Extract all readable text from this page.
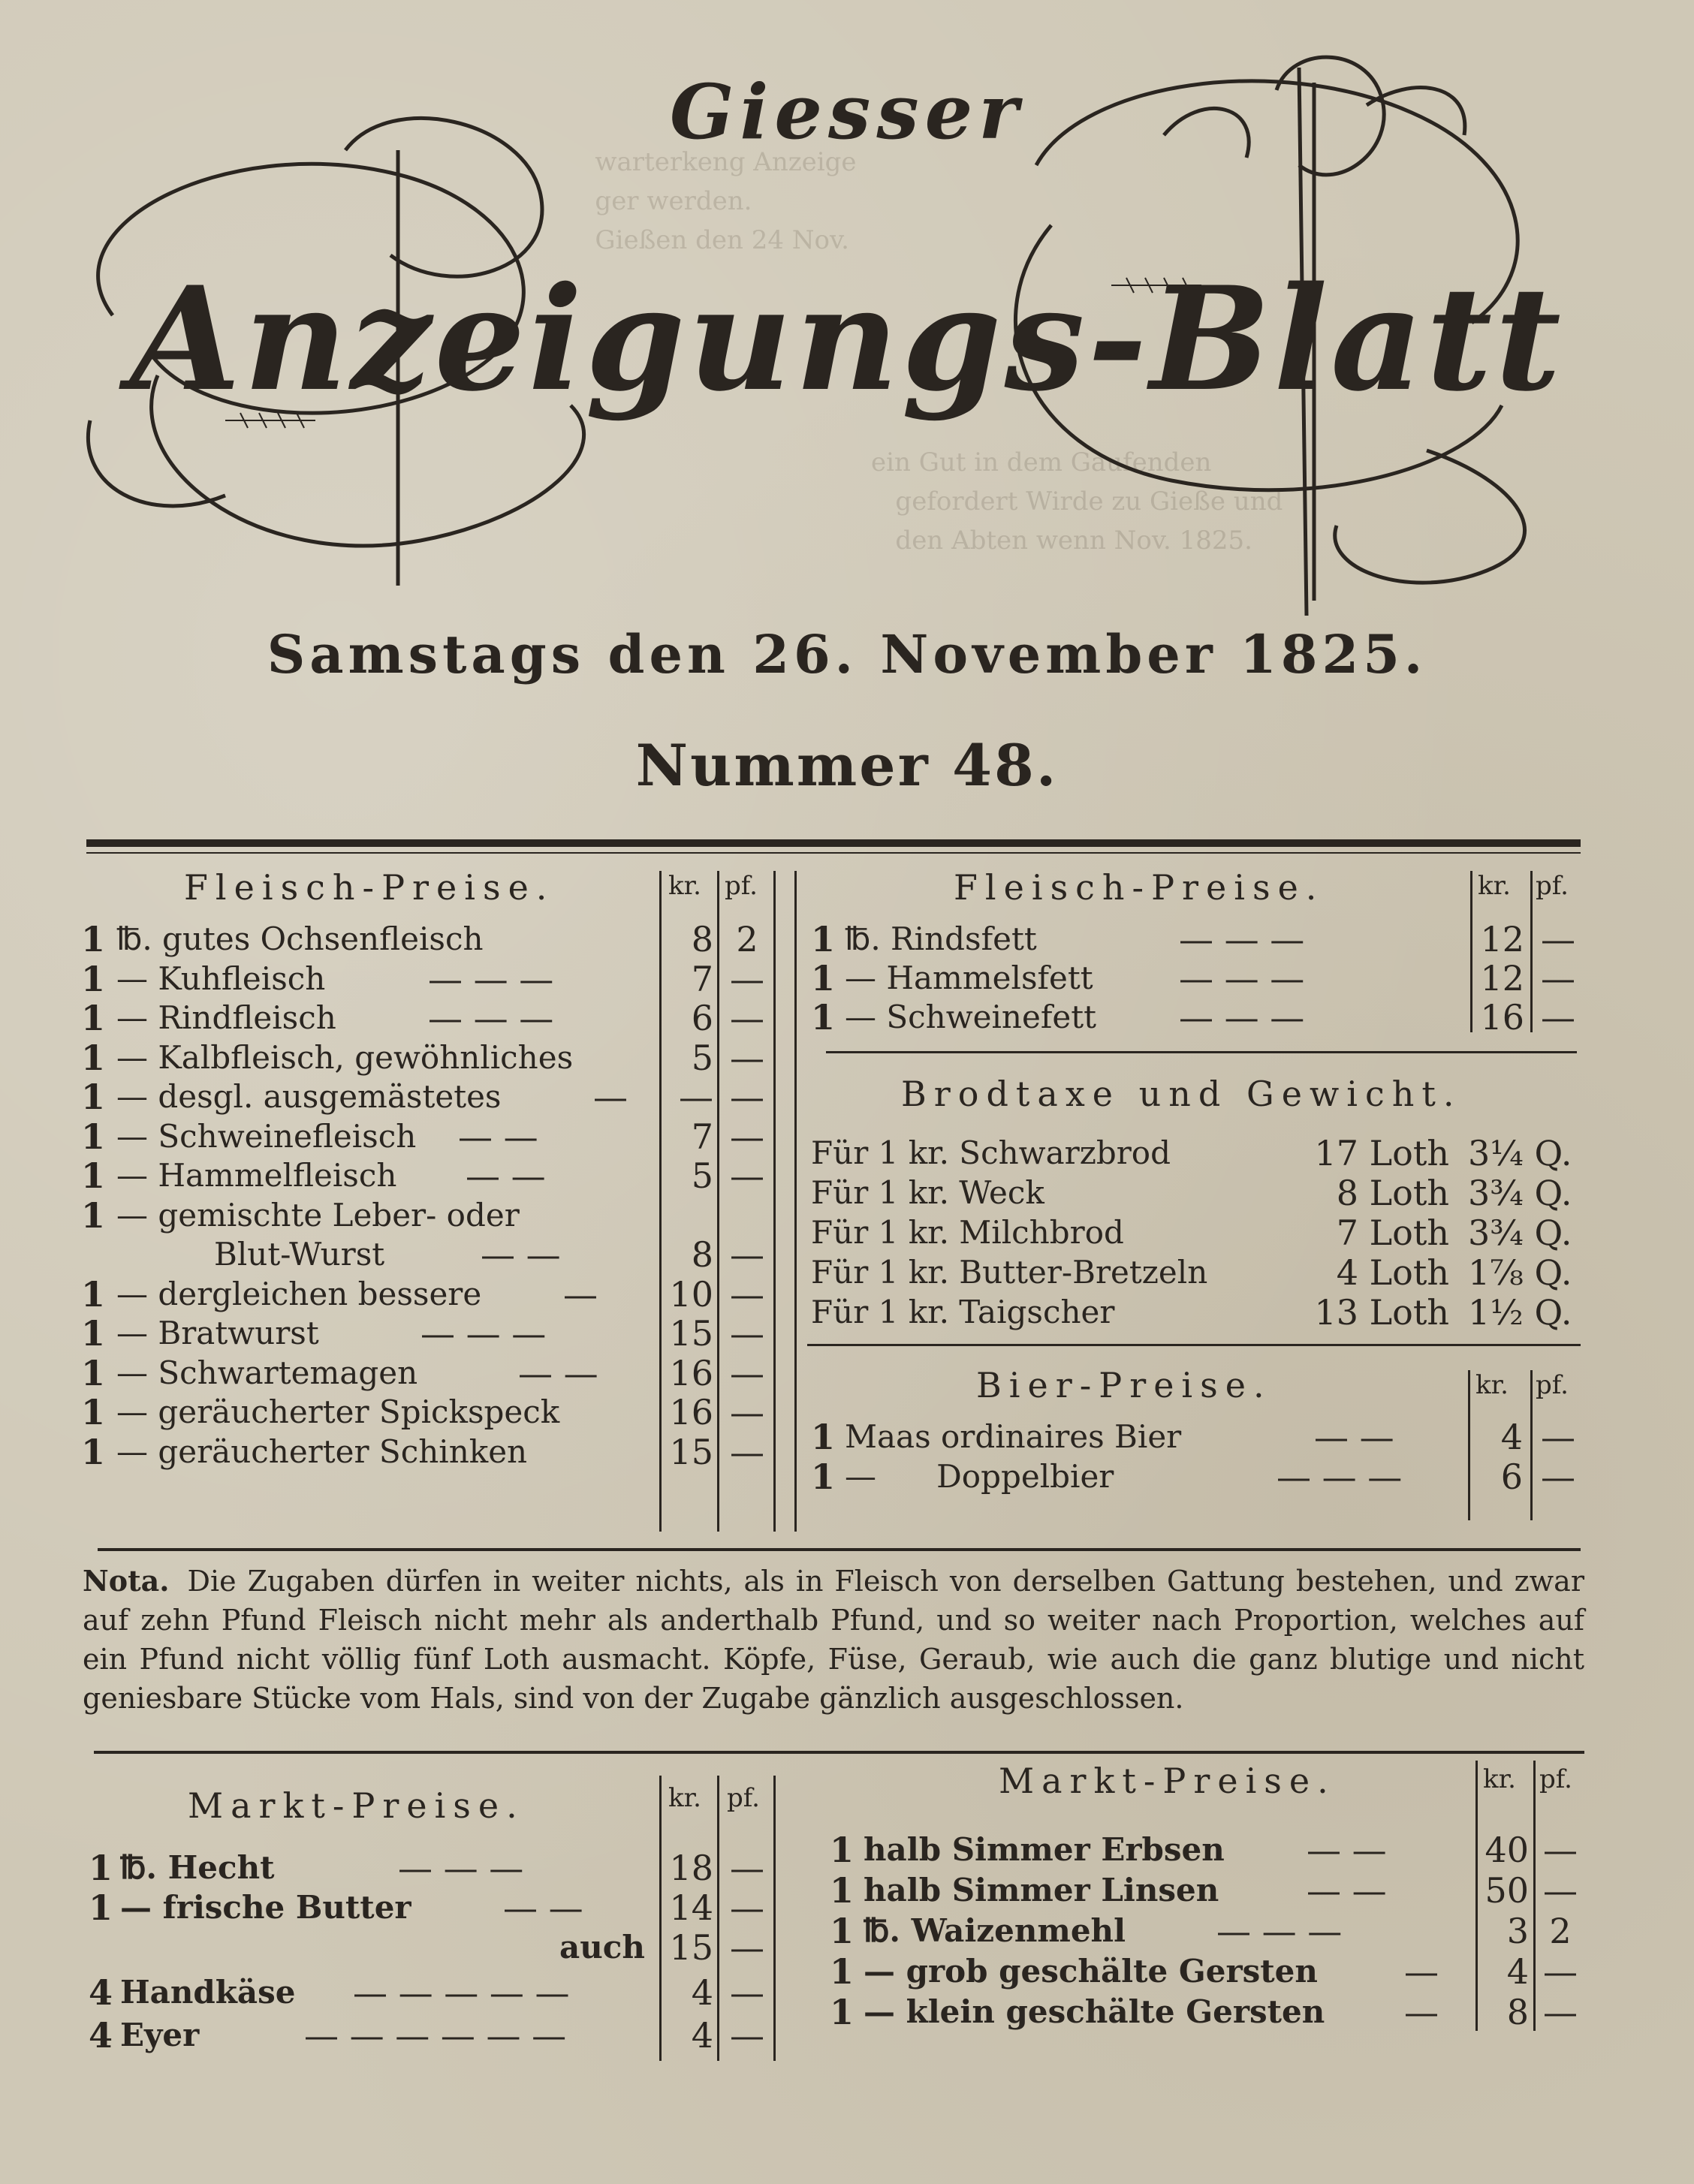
warterkeng Anzeige
ger werden.
Gießen den 24 Nov.
ein Gut in dem Gaufenden
gefordert Wirde zu Gieße und
den Abten wenn Nov. 1825.
Giesser
Anzeigungs-Blatt
Samstags den 26. November 1825.
Nummer 48.
Fleisch-Preise.	kr. pf.
1 ℔. gutes Ochsenfleisch	8 2
1 — Kuhfleisch	— — —	7 —
1 — Rindfleisch	— — —	6 —
1 — Kalbfleisch, gewöhnliches	5 —
1 — desgl. ausgemästetes	—	— —
1 — Schweinefleisch — —	7 —
1 — Hammelfleisch — —	5 —
1 — gemischte Leber- oder
Blut-Wurst	— —	8 —
1 — dergleichen bessere — 10 —
1 — Bratwurst	— — —	15 —
1 — Schwartemagen	— — 16 —
1 — geräucherter Spickspeck	16 —
1 — geräucherter Schinken	15 —
Fleisch-Preise.	kr. pf.
1 ℔. Rindsfett	— — —	12 —
1 — Hammelsfett — — —	12 —
1 — Schweinefett — — —	16 —
Brodtaxe und Gewicht.
Für 1 kr. Schwarzbrod	17 Loth 3¼ Q.
Für 1 kr. Weck	8 Loth 3¾ Q.
Für 1 kr. Milchbrod	7 Loth 3¾ Q.
Für 1 kr. Butter-Bretzeln	4 Loth 1⅞ Q.
Für 1 kr. Taigscher	13 Loth 1½ Q.
Bier-Preise.	kr. pf.
1 Maas ordinaires Bier	— —	4 —
1 —      Doppelbier	— — —	6 —
Nota. Die Zugaben dürfen in weiter nichts, als in Fleisch von derselben Gattung bestehen, und zwar auf zehn Pfund Fleisch nicht mehr als anderthalb Pfund, und so weiter nach Proportion, welches auf ein Pfund nicht völlig fünf Loth ausmacht. Köpfe, Füse, Geraub, wie auch die ganz blutige und nicht geniesbare Stücke vom Hals, sind von der Zugabe gänzlich ausgeschlossen.
Markt-Preise.	kr. pf.
1 ℔. Hecht	— — —	18 —
1 — frische Butter	— — 14 —
auch 15 —
4 Handkäse — — — — —	4 —
4 Eyer	— — — — — —	4 —
Markt-Preise.	kr. pf.
1 halb Simmer Erbsen — —	40 —
1 halb Simmer Linsen	— —	50 —
1 ℔. Waizenmehl	— — —	3 2
1 — grob geschälte Gersten	—	4 —
1 — klein geschälte Gersten —	8 —
